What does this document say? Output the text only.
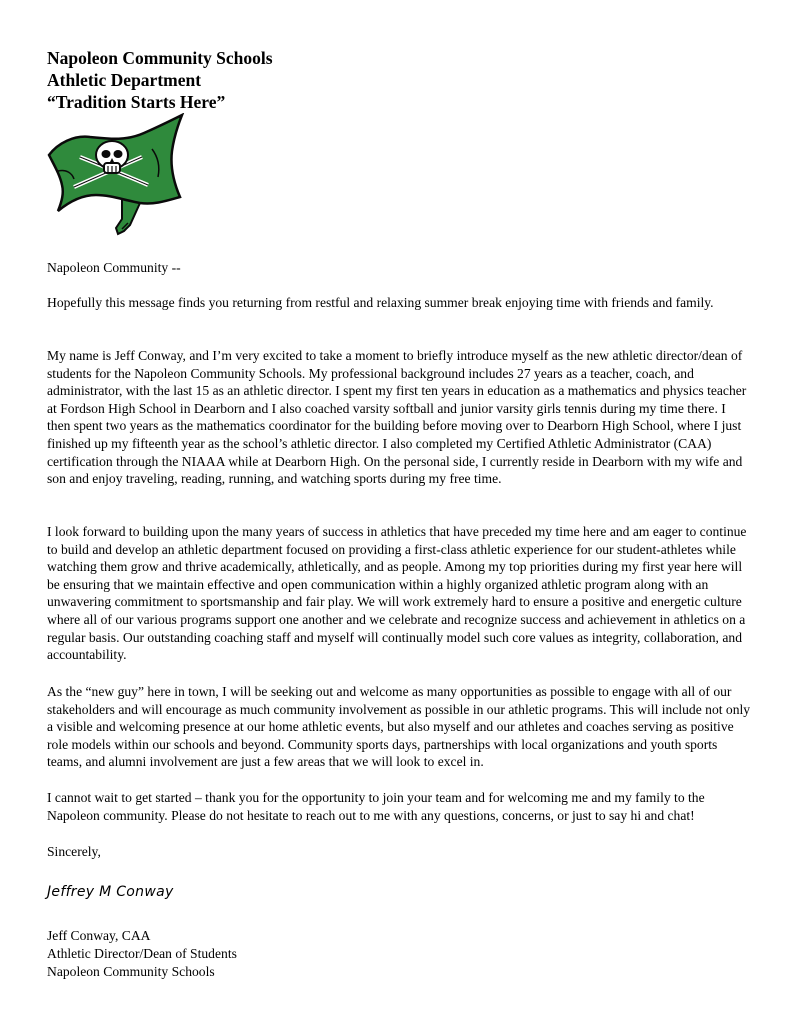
Napoleon Community Schools
Athletic Department
“Tradition Starts Here”
Napoleon Community --
Hopefully this message finds you returning from restful and relaxing summer break enjoying time with friends and family.
My name is Jeff Conway, and I’m very excited to take a moment to briefly introduce myself as the new athletic director/dean of students for the Napoleon Community Schools. My professional background includes 27 years as a teacher, coach, and administrator, with the last 15 as an athletic director. I spent my first ten years in education as a mathematics and physics teacher at Fordson High School in Dearborn and I also coached varsity softball and junior varsity girls tennis during my time there. I then spent two years as the mathematics coordinator for the building before moving over to Dearborn High School, where I just finished up my fifteenth year as the school’s athletic director. I also completed my Certified Athletic Administrator (CAA) certification through the NIAAA while at Dearborn High. On the personal side, I currently reside in Dearborn with my wife and son and enjoy traveling, reading, running, and watching sports during my free time.
I look forward to building upon the many years of success in athletics that have preceded my time here and am eager to continue to build and develop an athletic department focused on providing a first-class athletic experience for our student-athletes while watching them grow and thrive academically, athletically, and as people. Among my top priorities during my first year here will be ensuring that we maintain effective and open communication within a highly organized athletic program along with an unwavering commitment to sportsmanship and fair play. We will work extremely hard to ensure a positive and energetic culture where all of our various programs support one another and we celebrate and recognize success and achievement in athletics on a regular basis. Our outstanding coaching staff and myself will continually model such core values as integrity, collaboration, and accountability.
As the “new guy” here in town, I will be seeking out and welcome as many opportunities as possible to engage with all of our stakeholders and will encourage as much community involvement as possible in our athletic programs. This will include not only a visible and welcoming presence at our home athletic events, but also myself and our athletes and coaches serving as positive role models within our schools and beyond. Community sports days, partnerships with local organizations and youth sports teams, and alumni involvement are just a few areas that we will look to excel in.
I cannot wait to get started – thank you for the opportunity to join your team and for welcoming me and my family to the Napoleon community. Please do not hesitate to reach out to me with any questions, concerns, or just to say hi and chat!
Sincerely,
Jeffrey M Conway
Jeff Conway, CAA
Athletic Director/Dean of Students
Napoleon Community Schools
